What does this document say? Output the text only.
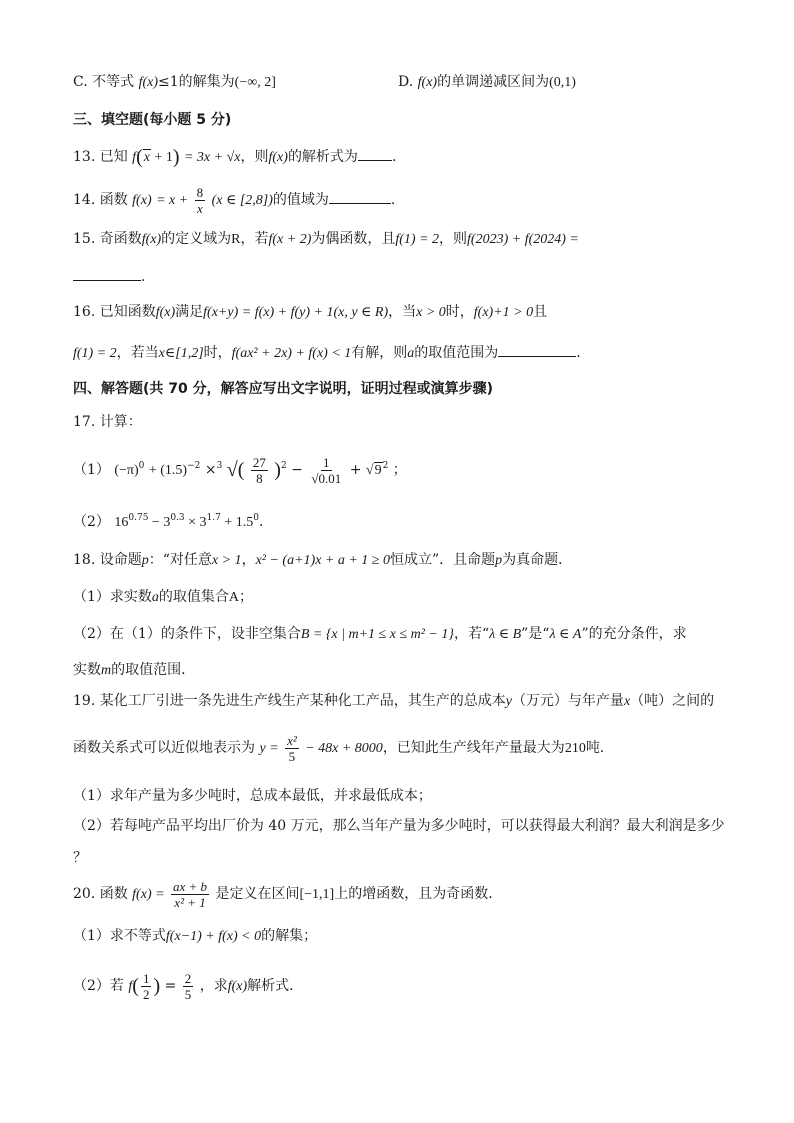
C. 不等式 f(x)≤1的解集为(−∞, 2]	D. f(x)的单调递减区间为(0,1)
三、填空题(每小题 5 分)
13. 已知 f(x + 1) = 3x + √x，则f(x)的解析式为 .
14. 函数 $f(x) = x + \frac{8}{x} (x$ ∈ [2,8])的值域为	.
15. 奇函数f(x)的定义域为R，若f(x + 2)为偶函数，且f(1) = 2，则f(2023) + f(2024) =
.
16. 已知函数f(x)满足f(x+y) = f(x) + f(y) + 1(x, y ∈ R)，当x > 0时，f(x)+1 > 0且
f(1) = 2，若当x∈[1,2]时，f(ax² + 2x) + f(x) < 1有解，则a的取值范围为	.
四、解答题(共 70 分，解答应写出文字说明，证明过程或演算步骤)
17. 计算：
（1） $(-\pi)^0 + (1.5)^{-2} \times^3$ √( $\frac{27}{8} )^2 - \frac{1}{√0.01} + √9^2$ ；
（2） $16^{0.75} - 3^{0.3} \times 3^{1.7} + 1.5^0$.
18. 设命题p：“对任意x > 1，x² − (a+1)x + a + 1 ≥ 0恒成立”．且命题p为真命题．
（1）求实数a的取值集合A；
（2）在（1）的条件下，设非空集合B = {x | m+1 ≤ x ≤ m² − 1}，若“λ ∈ B”是“λ ∈ A”的充分条件，求
实数m的取值范围．
19. 某化工厂引进一条先进生产线生产某种化工产品，其生产的总成本y（万元）与年产量x（吨）之间的
函数关系式可以近似地表示为 $y = \frac{\text{x²}}{5} - 48x + 8000$，已知此生产线年产量最大为210吨．
（1）求年产量为多少吨时，总成本最低，并求最低成本；
（2）若每吨产品平均出厂价为 40 万元，那么当年产量为多少吨时，可以获得最大利润？最大利润是多少
？
20. 函数 $f(x) = \frac{ax + b}{\text{x² + 1}}$ 是定义在区间[−1,1]上的增函数，且为奇函数．
（1）求不等式f(x−1) + f(x) < 0的解集；
（2）若 $f( \frac{1}{2}$ ) = $\frac{2}{5}$ ，求f(x)解析式．
